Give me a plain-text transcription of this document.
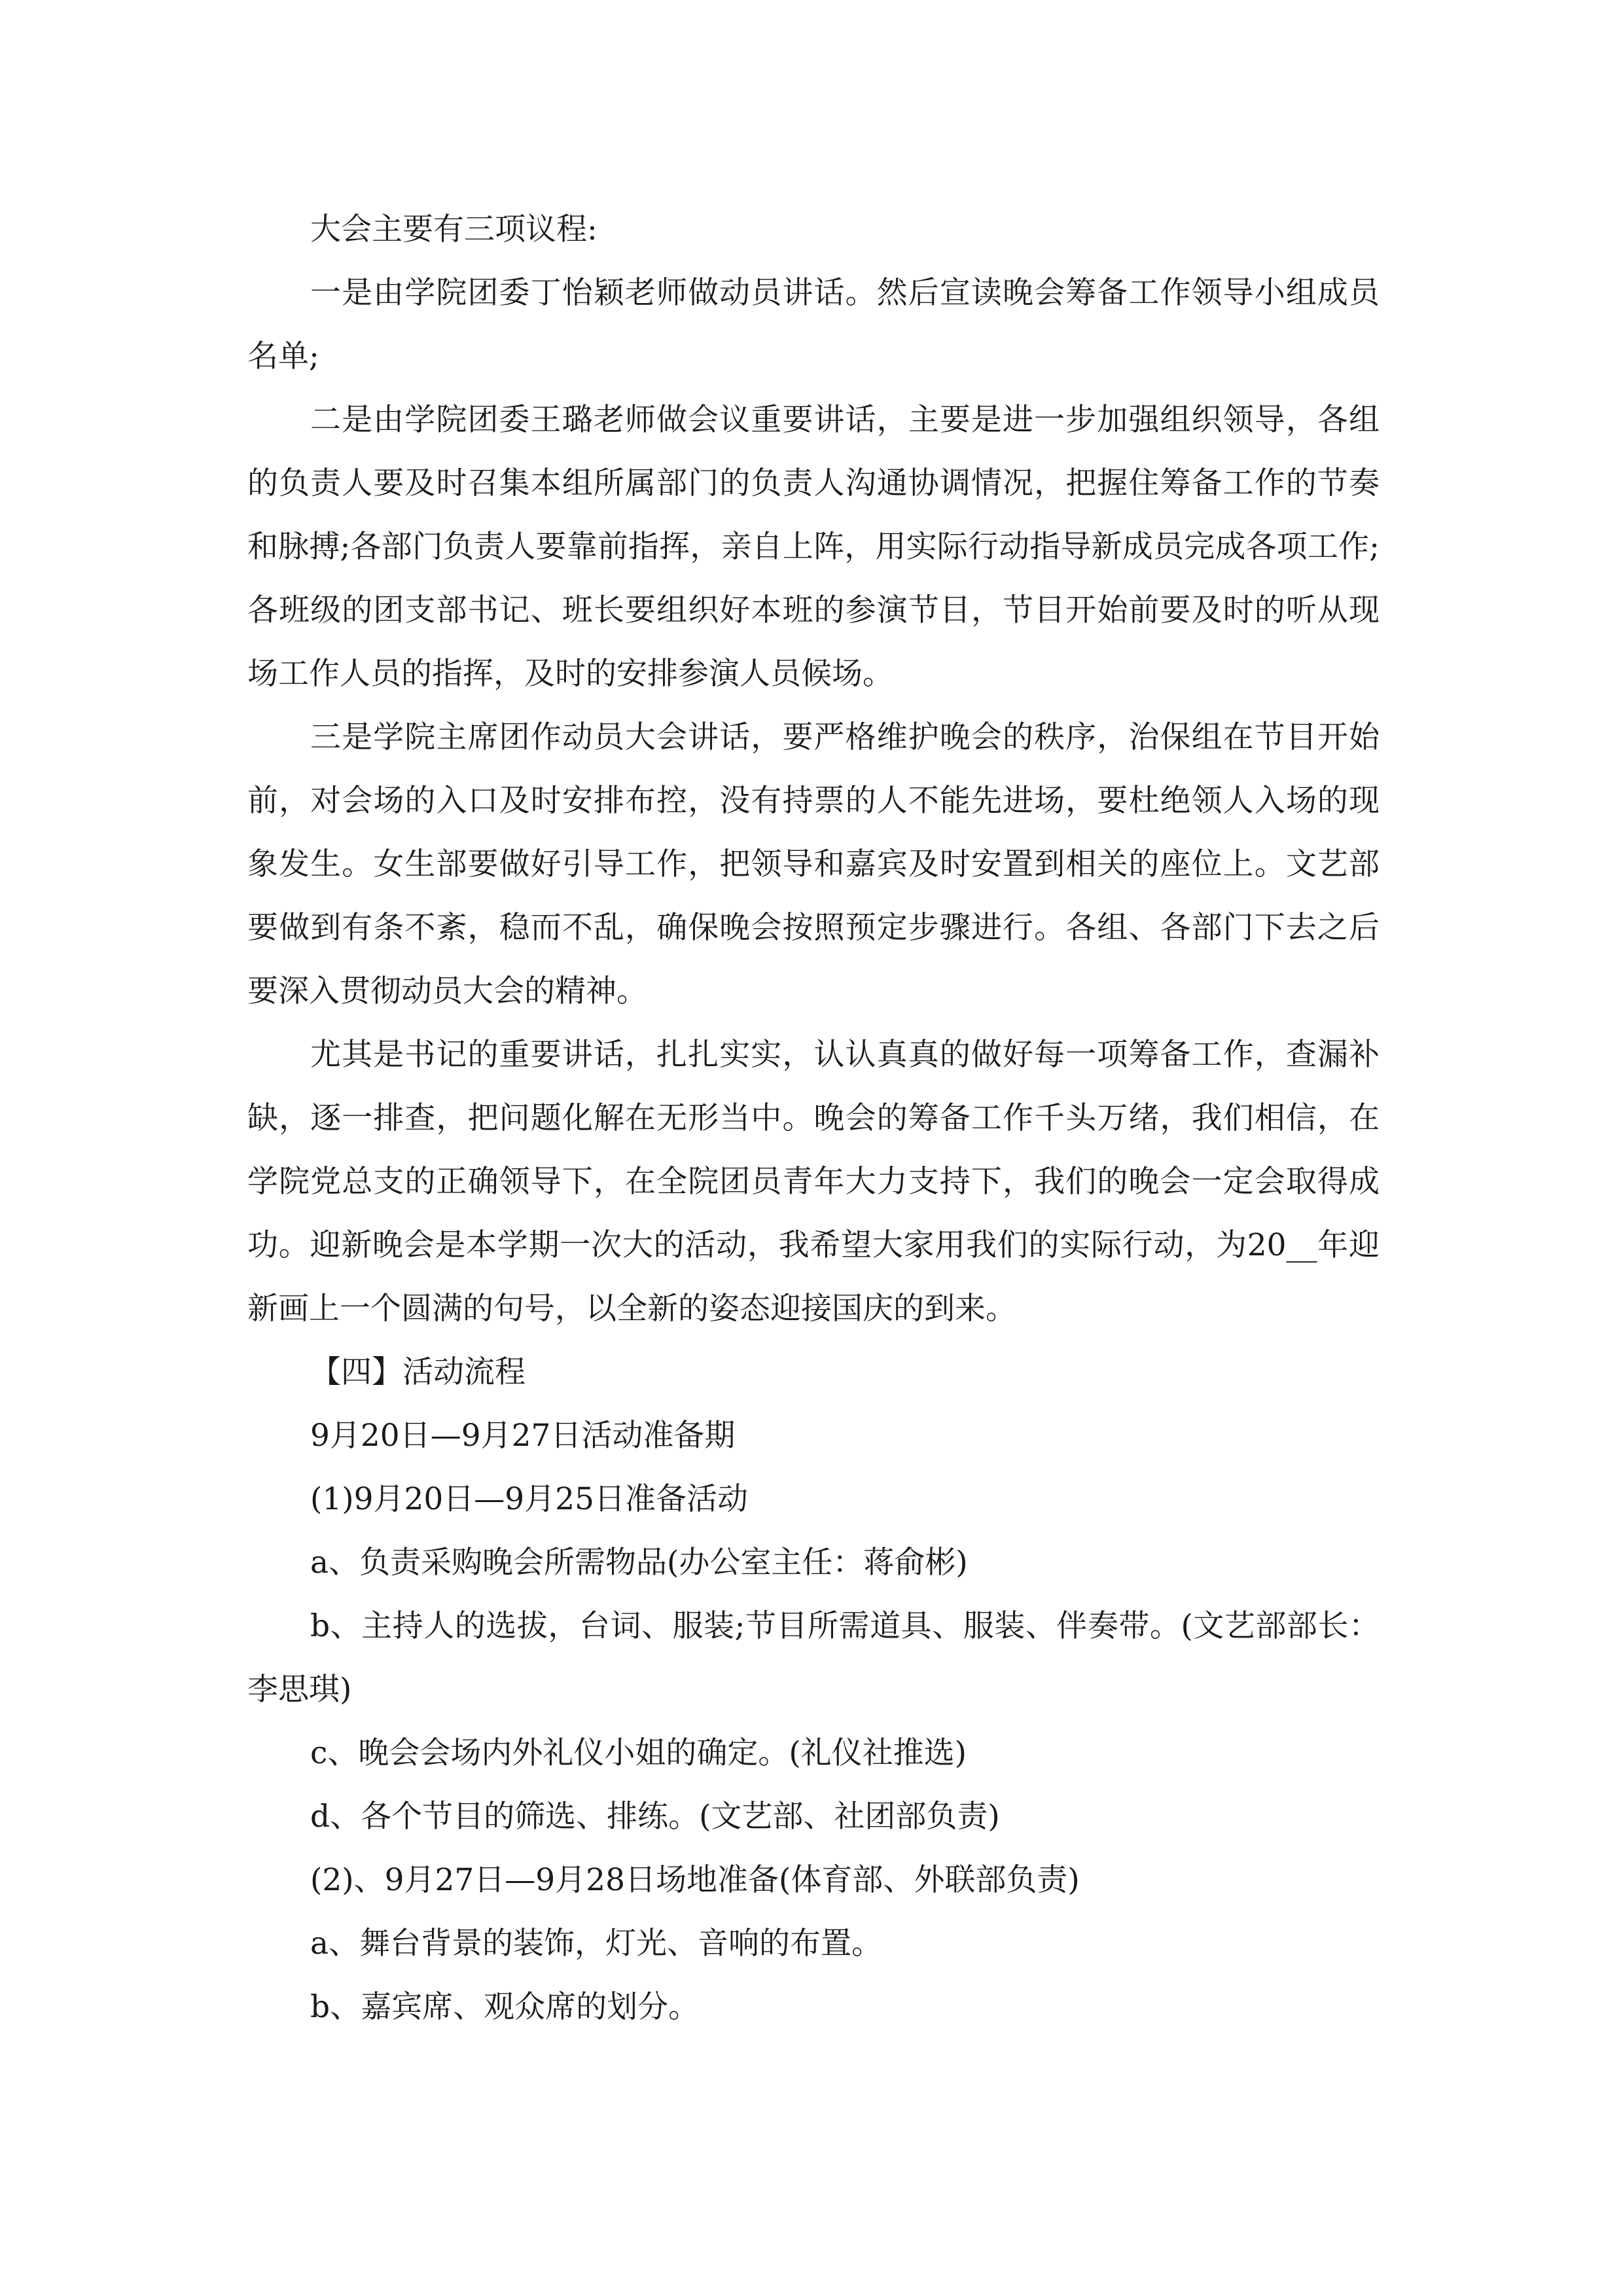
大会主要有三项议程:

一是由学院团委丁怡颖老师做动员讲话。然后宣读晚会筹备工作领导小组成员名单;

二是由学院团委王璐老师做会议重要讲话，主要是进一步加强组织领导，各组的负责人要及时召集本组所属部门的负责人沟通协调情况，把握住筹备工作的节奏和脉搏;各部门负责人要靠前指挥，亲自上阵，用实际行动指导新成员完成各项工作;各班级的团支部书记、班长要组织好本班的参演节目，节目开始前要及时的听从现场工作人员的指挥，及时的安排参演人员候场。

三是学院主席团作动员大会讲话，要严格维护晚会的秩序，治保组在节目开始前，对会场的入口及时安排布控，没有持票的人不能先进场，要杜绝领人入场的现象发生。女生部要做好引导工作，把领导和嘉宾及时安置到相关的座位上。文艺部要做到有条不紊，稳而不乱，确保晚会按照预定步骤进行。各组、各部门下去之后要深入贯彻动员大会的精神。

尤其是书记的重要讲话，扎扎实实，认认真真的做好每一项筹备工作，查漏补缺，逐一排查，把问题化解在无形当中。晚会的筹备工作千头万绪，我们相信，在学院党总支的正确领导下，在全院团员青年大力支持下，我们的晚会一定会取得成功。迎新晚会是本学期一次大的活动，我希望大家用我们的实际行动，为20__年迎新画上一个圆满的句号，以全新的姿态迎接国庆的到来。

【四】活动流程

9月20日—9月27日活动准备期

(1)9月20日—9月25日准备活动

a、负责采购晚会所需物品(办公室主任：蒋俞彬)

b、主持人的选拔，台词、服装;节目所需道具、服装、伴奏带。(文艺部部长：李思琪)

c、晚会会场内外礼仪小姐的确定。(礼仪社推选)

d、各个节目的筛选、排练。(文艺部、社团部负责)

(2)、9月27日—9月28日场地准备(体育部、外联部负责)

a、舞台背景的装饰，灯光、音响的布置。

b、嘉宾席、观众席的划分。
